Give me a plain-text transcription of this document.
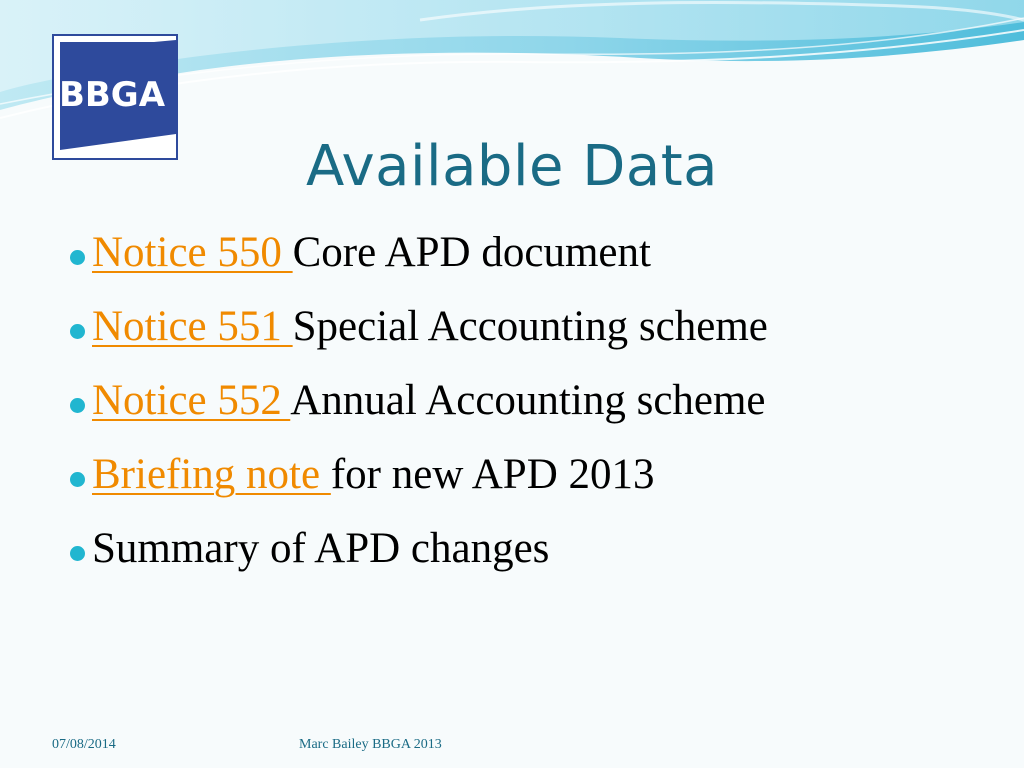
BBGA
Available Data
Notice 550 Core APD document
Notice 551 Special Accounting scheme
Notice 552 Annual Accounting scheme
Briefing note for new APD 2013
Summary of APD changes
07/08/2014	Marc Bailey BBGA 2013
